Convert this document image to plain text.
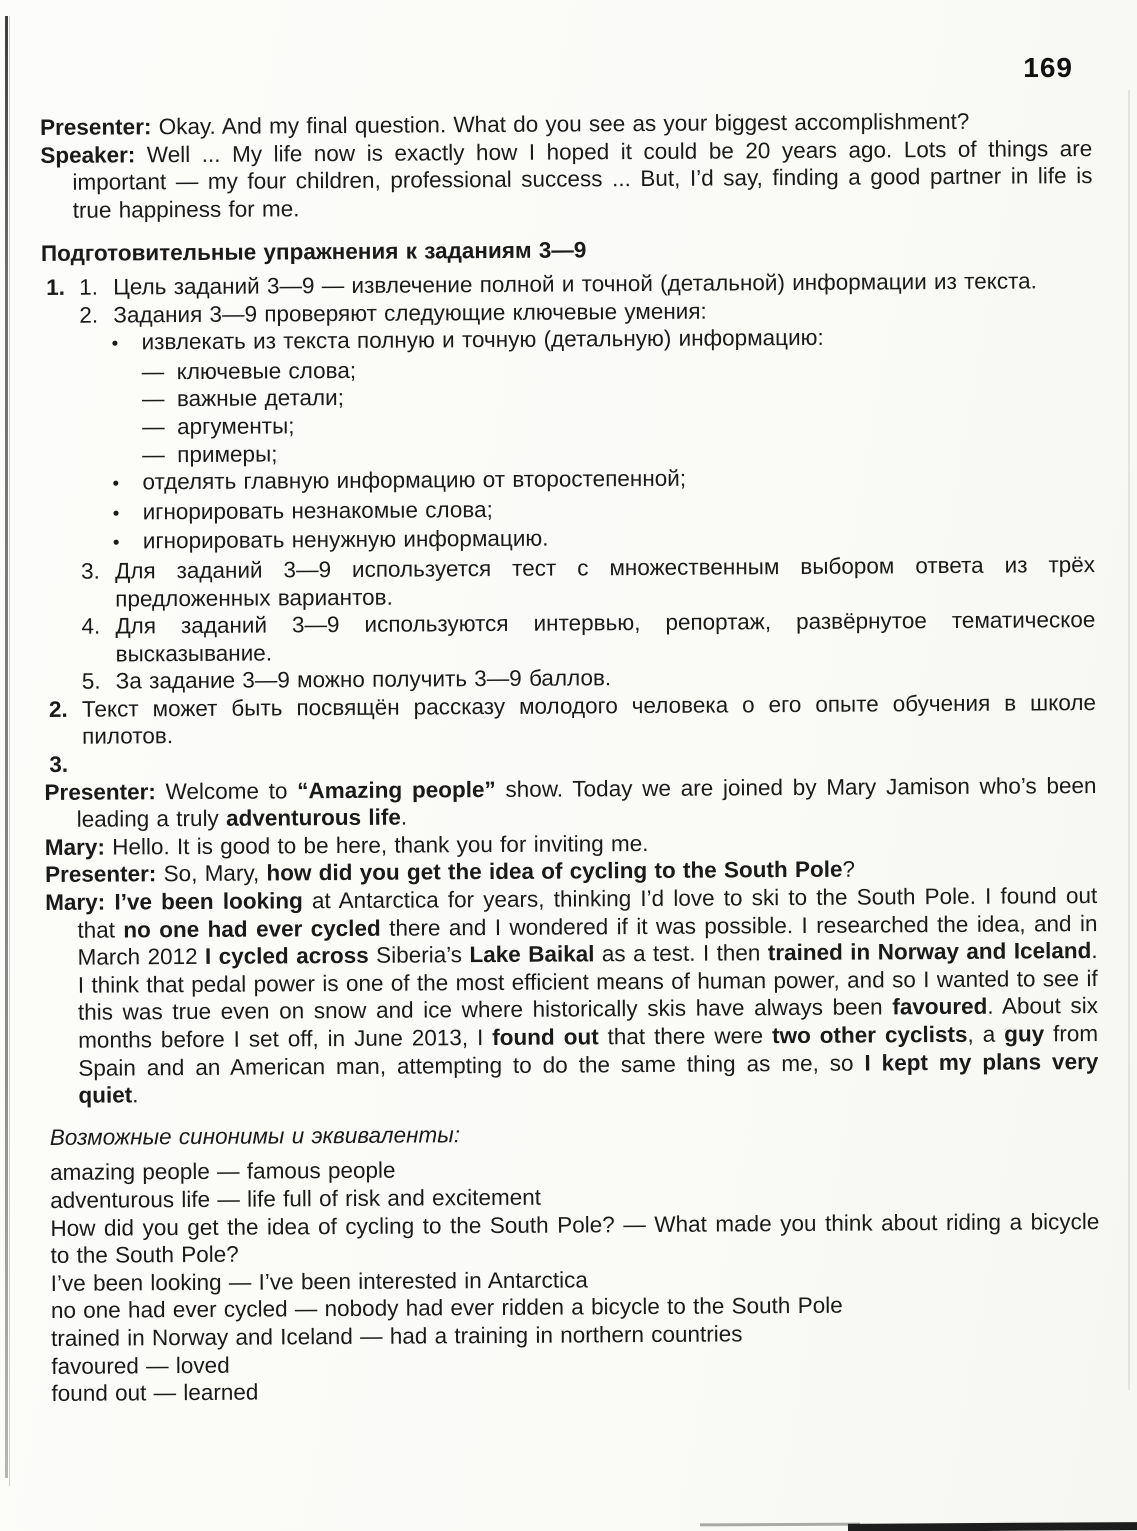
169

Presenter: Okay. And my final question. What do you see as your biggest accomplishment?

Speaker: Well ... My life now is exactly how I hoped it could be 20 years ago. Lots of things are important — my four children, professional success ... But, I’d say, finding a good partner in life is true happiness for me.

Подготовительные упражнения к заданиям 3—9

1. 1. Цель заданий 3—9 — извлечение полной и точной (детальной) информации из текста.

2. Задания 3—9 проверяют следующие ключевые умения:

• извлекать из текста полную и точную (детальную) информацию:

— ключевые слова;

— важные детали;

— аргументы;

— примеры;

• отделять главную информацию от второстепенной;

• игнорировать незнакомые слова;

• игнорировать ненужную информацию.

3. Для заданий 3—9 используется тест с множественным выбором ответа из трёх предложенных вариантов.

4. Для заданий 3—9 используются интервью, репортаж, развёрнутое тематическое высказывание.

5. За задание 3—9 можно получить 3—9 баллов.

2. Текст может быть посвящён рассказу молодого человека о его опыте обучения в школе пилотов.

3.

Presenter: Welcome to “Amazing people” show. Today we are joined by Mary Jamison who’s been leading a truly adventurous life.

Mary: Hello. It is good to be here, thank you for inviting me.

Presenter: So, Mary, how did you get the idea of cycling to the South Pole?

Mary: I’ve been looking at Antarctica for years, thinking I’d love to ski to the South Pole. I found out that no one had ever cycled there and I wondered if it was possible. I researched the idea, and in March 2012 I cycled across Siberia’s Lake Baikal as a test. I then trained in Norway and Iceland. I think that pedal power is one of the most efficient means of human power, and so I wanted to see if this was true even on snow and ice where historically skis have always been favoured. About six months before I set off, in June 2013, I found out that there were two other cyclists, a guy from Spain and an American man, attempting to do the same thing as me, so I kept my plans very quiet.

Возможные синонимы и эквиваленты:

amazing people — famous people

adventurous life — life full of risk and excitement

How did you get the idea of cycling to the South Pole? — What made you think about riding a bicycle to the South Pole?

I’ve been looking — I’ve been interested in Antarctica

no one had ever cycled — nobody had ever ridden a bicycle to the South Pole

trained in Norway and Iceland — had a training in northern countries

favoured — loved

found out — learned
